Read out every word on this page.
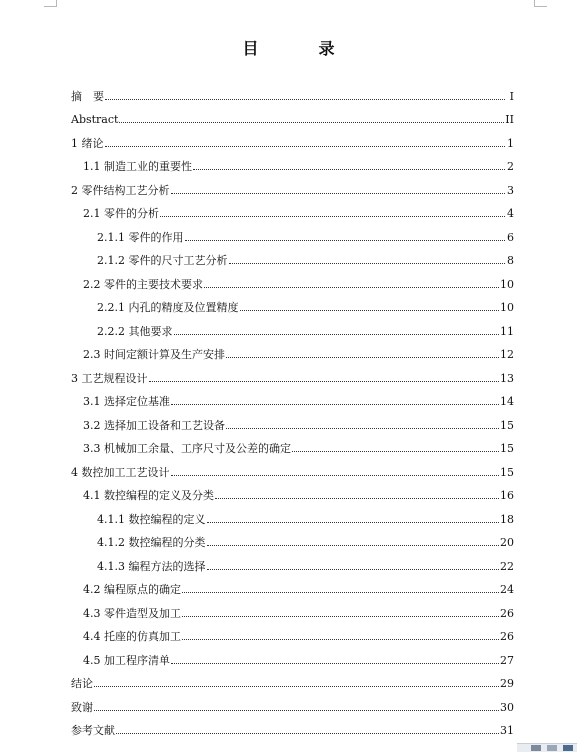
目　录
摘　要	I
Abstract	II
1 绪论	1
1.1 制造工业的重要性	2
2 零件结构工艺分析	3
2.1 零件的分析	4
2.1.1 零件的作用	6
2.1.2 零件的尺寸工艺分析	8
2.2 零件的主要技术要求	10
2.2.1 内孔的精度及位置精度	10
2.2.2 其他要求	11
2.3 时间定额计算及生产安排	12
3 工艺规程设计	13
3.1 选择定位基准	14
3.2 选择加工设备和工艺设备	15
3.3 机械加工余量、工序尺寸及公差的确定	15
4 数控加工工艺设计	15
4.1 数控编程的定义及分类	16
4.1.1 数控编程的定义	18
4.1.2 数控编程的分类	20
4.1.3 编程方法的选择	22
4.2 编程原点的确定	24
4.3 零件造型及加工	26
4.4 托座的仿真加工	26
4.5 加工程序清单	27
结论	29
致谢	30
参考文献	31
